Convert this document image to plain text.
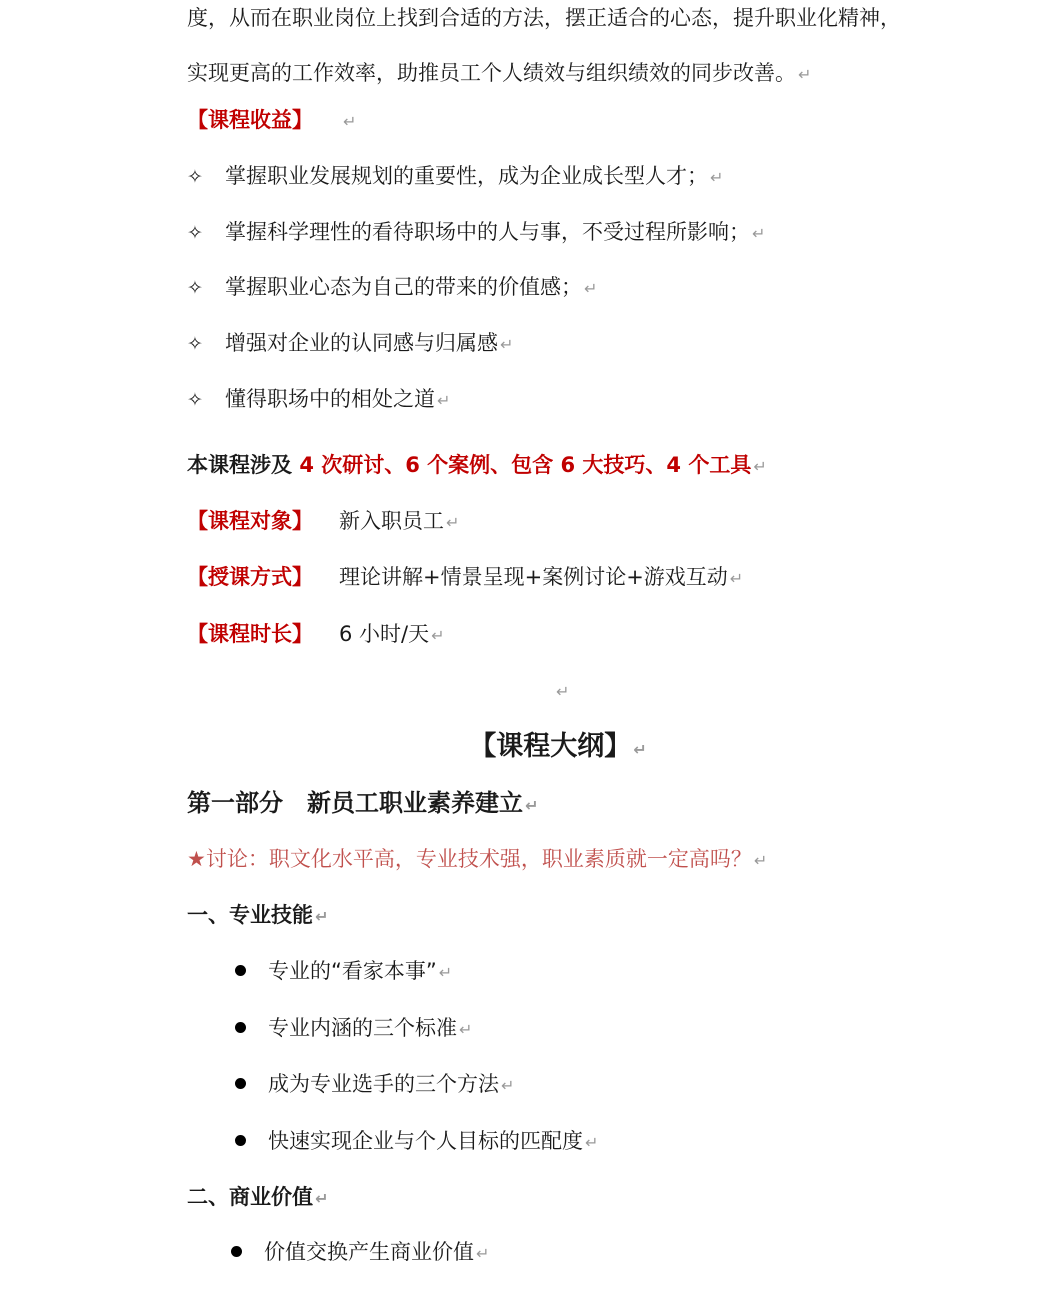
度，从而在职业岗位上找到合适的方法，摆正适合的心态，提升职业化精神，
实现更高的工作效率，助推员工个人绩效与组织绩效的同步改善。 ↵
【课程收益】 ↵
✧ 掌握职业发展规划的重要性，成为企业成长型人才； ↵
✧ 掌握科学理性的看待职场中的人与事，不受过程所影响； ↵
✧ 掌握职业心态为自己的带来的价值感； ↵
✧ 增强对企业的认同感与归属感 ↵
✧ 懂得职场中的相处之道 ↵
本课程涉及 4 次研讨、6 个案例、包含 6 大技巧、4 个工具 ↵
【课程对象】 新入职员工 ↵
【授课方式】 理论讲解+情景呈现+案例讨论+游戏互动 ↵
【课程时长】 6 小时/天 ↵
↵
【课程大纲】 ↵
第一部分　新员工职业素养建立 ↵
★讨论：职文化水平高，专业技术强，职业素质就一定高吗？ ↵
一、专业技能 ↵
专业的“看家本事” ↵
专业内涵的三个标准 ↵
成为专业选手的三个方法 ↵
快速实现企业与个人目标的匹配度 ↵
二、商业价值 ↵
价值交换产生商业价值 ↵
